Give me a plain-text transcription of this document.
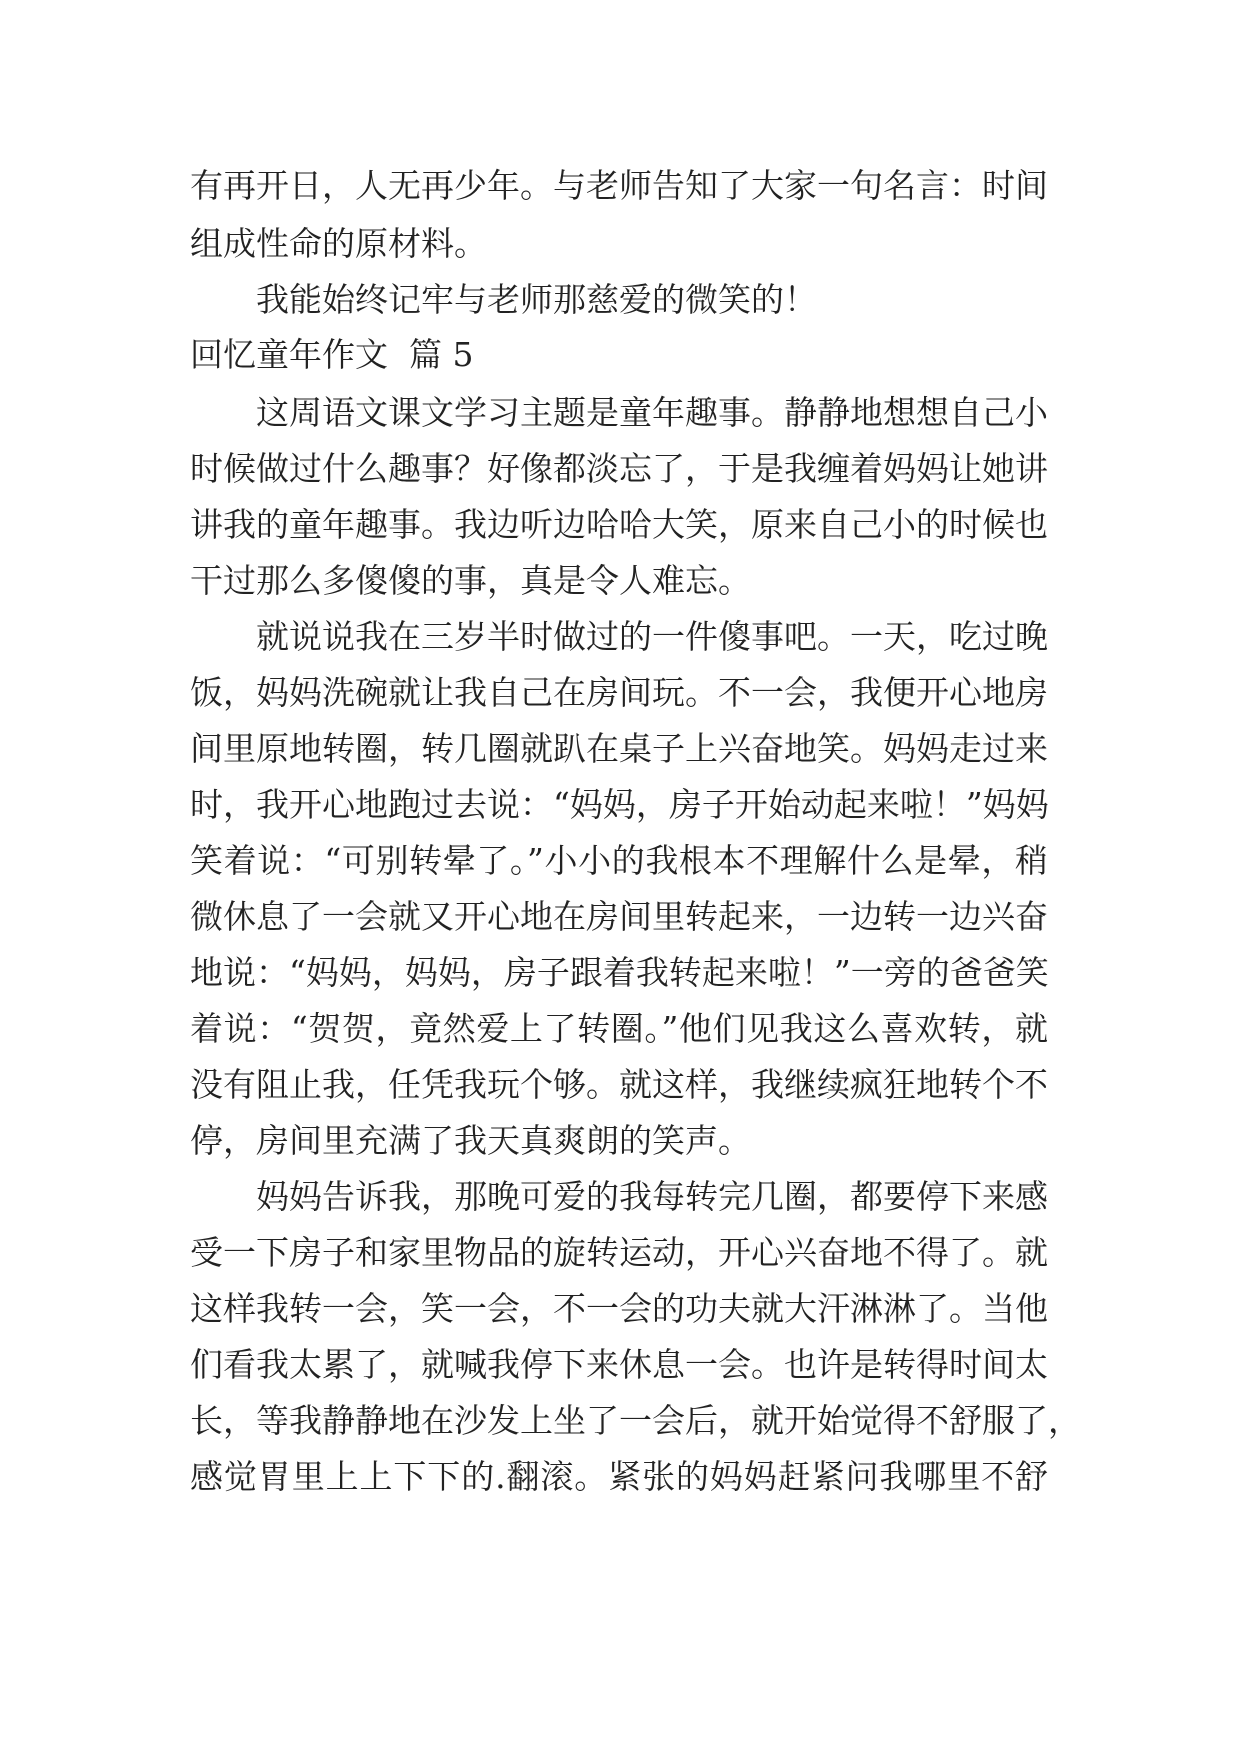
有再开日，人无再少年。与老师告知了大家一句名言：时间
组成性命的原材料。
我能始终记牢与老师那慈爱的微笑的！
回忆童年作文  篇 5
这周语文课文学习主题是童年趣事。静静地想想自己小
时候做过什么趣事？好像都淡忘了，于是我缠着妈妈让她讲
讲我的童年趣事。我边听边哈哈大笑，原来自己小的时候也
干过那么多傻傻的事，真是令人难忘。
就说说我在三岁半时做过的一件傻事吧。一天，吃过晚
饭，妈妈洗碗就让我自己在房间玩。不一会，我便开心地房
间里原地转圈，转几圈就趴在桌子上兴奋地笑。妈妈走过来
时，我开心地跑过去说：“妈妈，房子开始动起来啦！”妈妈
笑着说：“可别转晕了。”小小的我根本不理解什么是晕，稍
微休息了一会就又开心地在房间里转起来，一边转一边兴奋
地说：“妈妈，妈妈，房子跟着我转起来啦！”一旁的爸爸笑
着说：“贺贺，竟然爱上了转圈。”他们见我这么喜欢转，就
没有阻止我，任凭我玩个够。就这样，我继续疯狂地转个不
停，房间里充满了我天真爽朗的笑声。
妈妈告诉我，那晚可爱的我每转完几圈，都要停下来感
受一下房子和家里物品的旋转运动，开心兴奋地不得了。就
这样我转一会，笑一会，不一会的功夫就大汗淋淋了。当他
们看我太累了，就喊我停下来休息一会。也许是转得时间太
长，等我静静地在沙发上坐了一会后，就开始觉得不舒服了，
感觉胃里上上下下的.翻滚。紧张的妈妈赶紧问我哪里不舒
